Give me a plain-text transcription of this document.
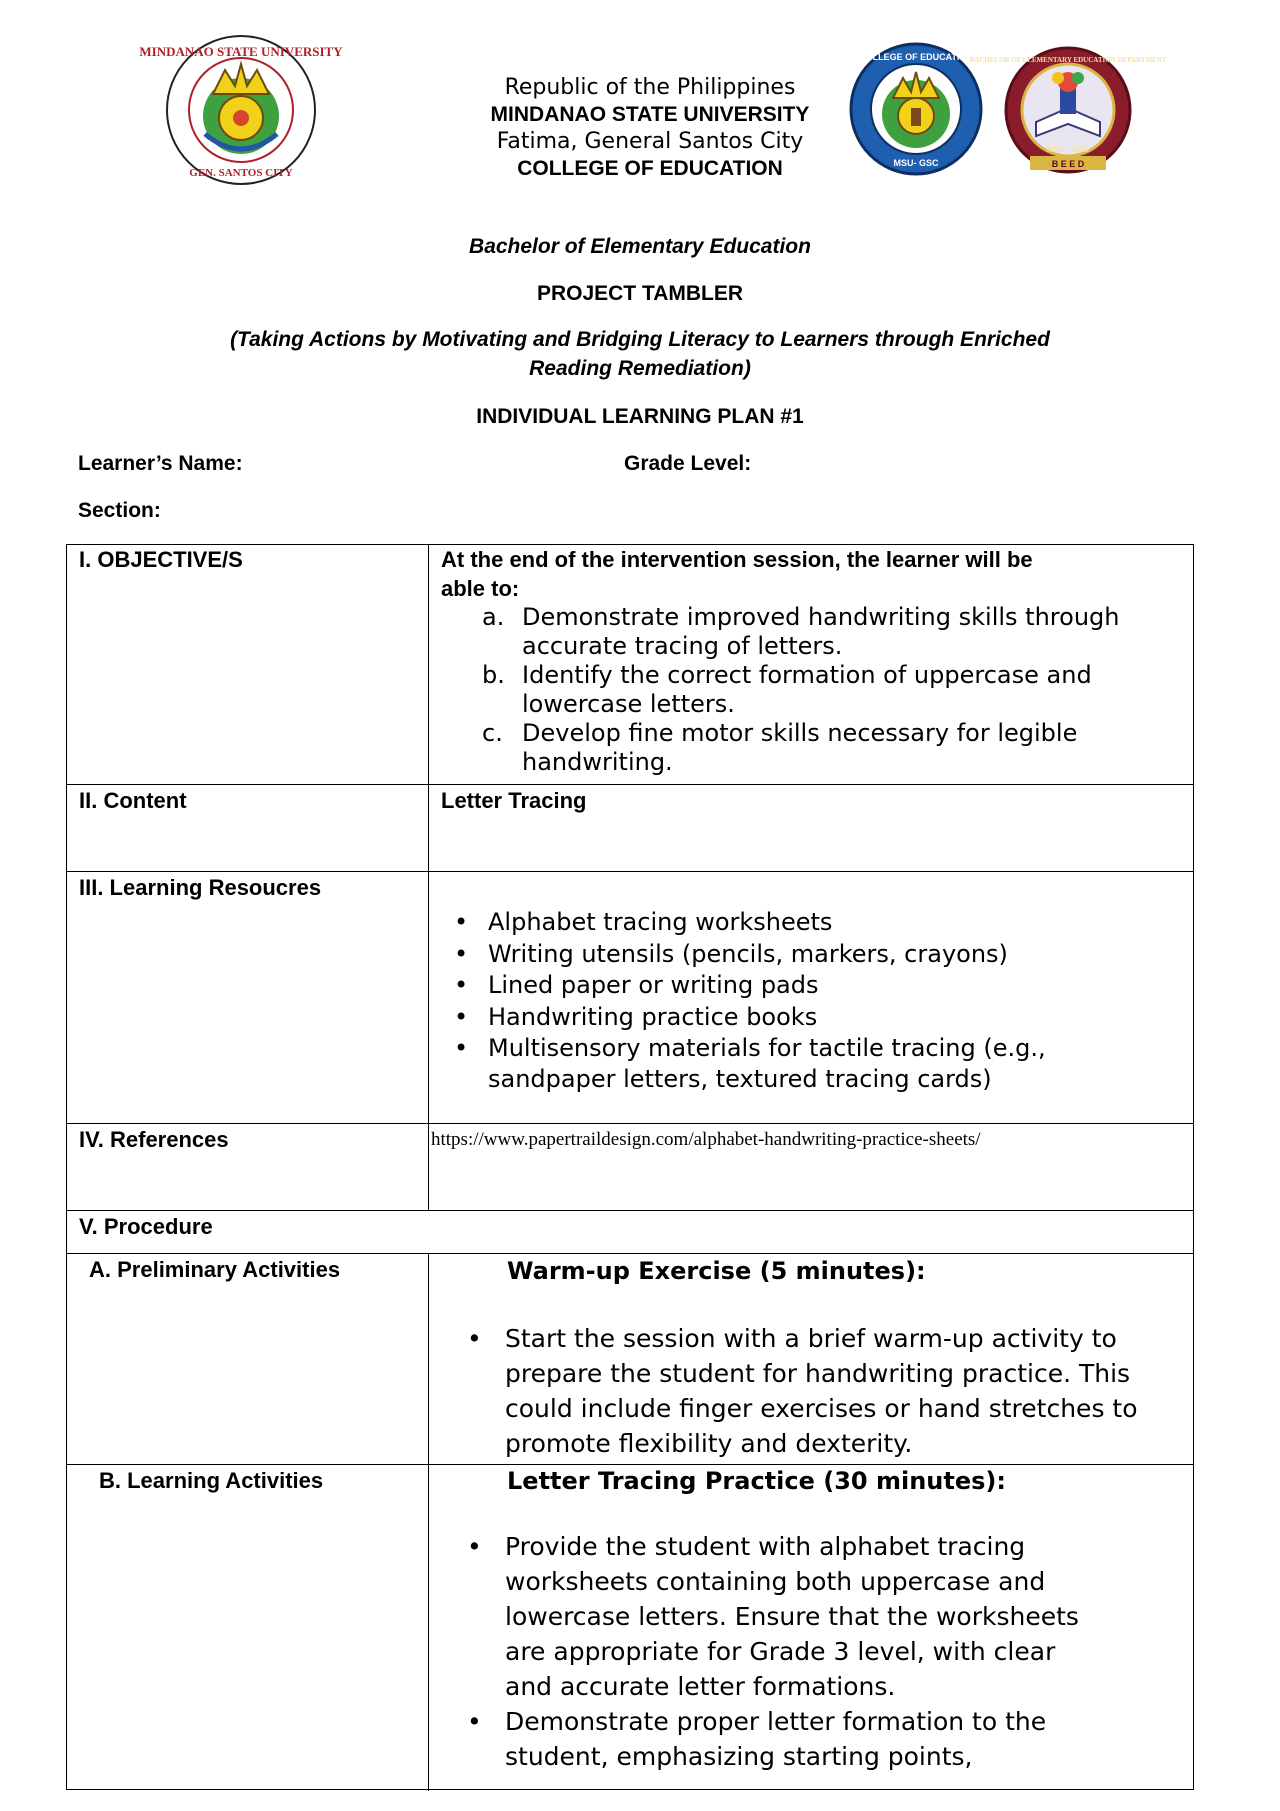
MINDANAO STATE UNIVERSITY
GEN. SANTOS CITY
COLLEGE OF EDUCATION
MSU- GSC	B E E D
BACHELOR OF ELEMENTARY EDUCATION DEPARTMENT
MSU - GSC
Republic of the Philippines
MINDANAO STATE UNIVERSITY
Fatima, General Santos City
COLLEGE OF EDUCATION
Bachelor of Elementary Education
PROJECT TAMBLER
(Taking Actions by Motivating and Bridging Literacy to Learners through Enriched
Reading Remediation)
INDIVIDUAL LEARNING PLAN #1
Learner’s Name:	Grade Level:
Section:
I. OBJECTIVE/S	At the end of the intervention session, the learner will be
able to:
a. Demonstrate improved handwriting skills through
accurate tracing of letters.
b. Identify the correct formation of uppercase and
lowercase letters.
c. Develop fine motor skills necessary for legible
handwriting.
II. Content	Letter Tracing
III. Learning Resoucres
• Alphabet tracing worksheets
• Writing utensils (pencils, markers, crayons)
• Lined paper or writing pads
• Handwriting practice books
• Multisensory materials for tactile tracing (e.g.,
sandpaper letters, textured tracing cards)
IV. References	https://www.papertraildesign.com/alphabet-handwriting-practice-sheets/
V. Procedure
A. Preliminary Activities	Warm-up Exercise (5 minutes):
• Start the session with a brief warm-up activity to
prepare the student for handwriting practice. This
could include finger exercises or hand stretches to
promote flexibility and dexterity.
B. Learning Activities	Letter Tracing Practice (30 minutes):
• Provide the student with alphabet tracing
worksheets containing both uppercase and
lowercase letters. Ensure that the worksheets
are appropriate for Grade 3 level, with clear
and accurate letter formations.
• Demonstrate proper letter formation to the
student, emphasizing starting points,
